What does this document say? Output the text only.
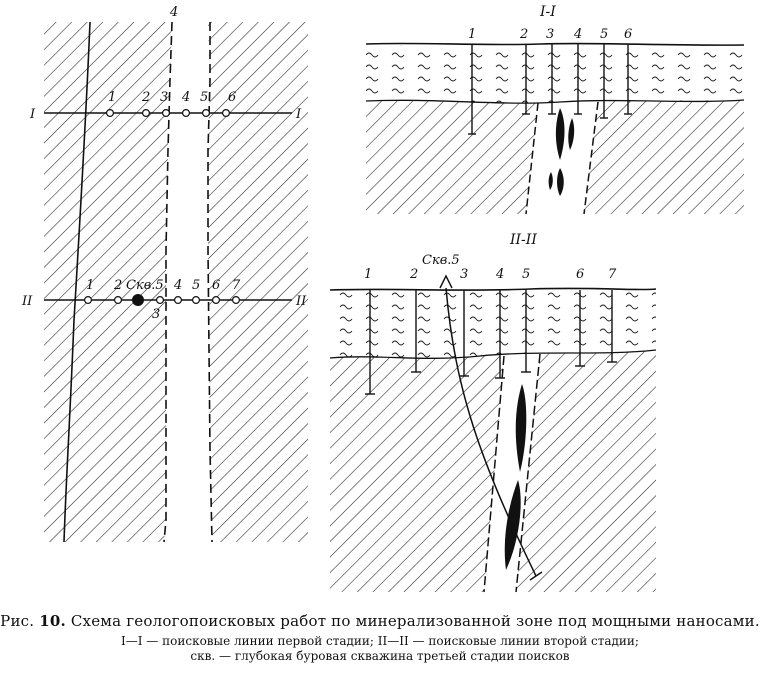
4
I	I
II	II
1 2 3 4 5 6
1 2 Скв.5 4 5 6 7
3
I-I
1	2 3 4 5 6
II-II
Скв.5
1	2	3 4 5	6 7
Рис. 10. Схема геологопоисковых работ по минерализованной зоне под мощными наносами.
I—I — поисковые линии первой стадии; II—II — поисковые линии второй стадии;
скв. — глубокая буровая скважина третьей стадии поисков
